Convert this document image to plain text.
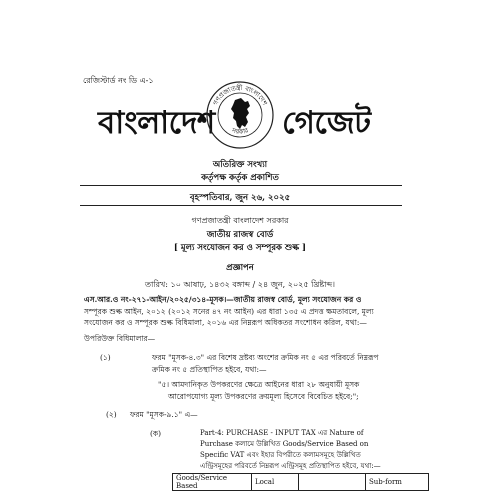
রেজিস্টার্ড নং ডি এ-১
বাংলাদেশ
গণপ্রজাতন্ত্রী বাংলাদেশ
সরকার গেজেট
অতিরিক্ত সংখ্যা
কর্তৃপক্ষ কর্তৃক প্রকাশিত
বৃহস্পতিবার, জুন ২৬, ২০২৫
গণপ্রজাতন্ত্রী বাংলাদেশ সরকার
জাতীয় রাজস্ব বোর্ড
[ মূল্য সংযোজন কর ও সম্পূরক শুল্ক ]
প্রজ্ঞাপন
তারিখ: ১০ আষাঢ়, ১৪৩২ বঙ্গাব্দ / ২৪ জুন, ২০২৫ খ্রিষ্টাব্দ।
এস.আর.ও নং-২৭১-আইন/২০২৫/৩১৪-মূসক।—জাতীয় রাজস্ব বোর্ড, মূল্য সংযোজন কর ও
সম্পূরক শুল্ক আইন, ২০১২ (২০১২ সনের ৪৭ নং আইন) এর ধারা ১৩৫ এ প্রদত্ত ক্ষমতাবলে, মূল্য
সংযোজন কর ও সম্পূরক শুল্ক বিধিমালা, ২০১৬ এর নিম্নরূপ অধিকতর সংশোধন করিল, যথা:—
উপরিউক্ত বিধিমালার—
(১)	ফরম "মূসক-৪.৩" এর বিশেষ দ্রষ্টব্য অংশের ক্রমিক নং ৫ এর পরিবর্তে নিম্নরূপ
ক্রমিক নং ৫ প্রতিস্থাপিত হইবে, যথা:—
"৫। আমদানিকৃত উপকরণের ক্ষেত্রে আইনের ধারা ২৮ অনুযায়ী মূসক
আরোপযোগ্য মূল্য উপকরণের ক্রয়মূল্য হিসেবে বিবেচিত হইবে;";
(২) ফরম "মূসক-৯.১" এ—
(ক)	Part-4: PURCHASE - INPUT TAX এর Nature of
Purchase কলামে উল্লিখিত Goods/Service Based on
Specific VAT এবং ইহার বিপরীতে কলামসমূহে উল্লিখিত
এন্ট্রিসমূহের পরিবর্তে নিম্নরূপ এন্ট্রিসমূহ প্রতিস্থাপিত হইবে, যথা:—
Goods/Service Based	Local		Sub-form
